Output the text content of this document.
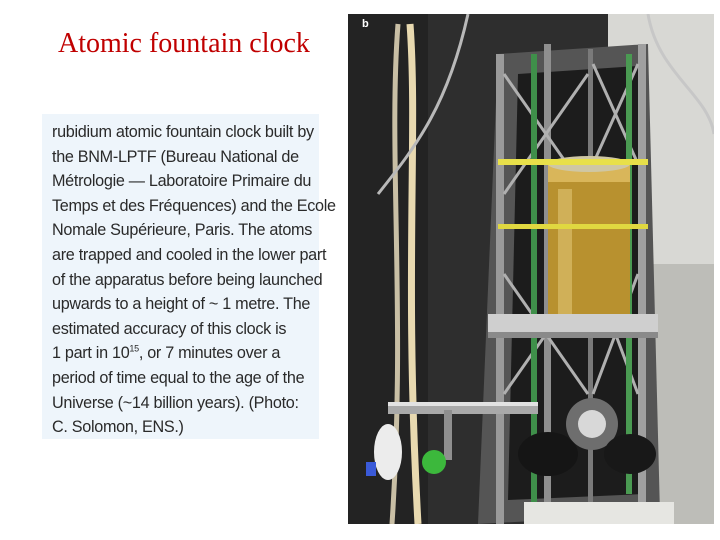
Atomic fountain clock
rubidium atomic fountain clock built by
the BNM-LPTF (Bureau National de
Métrologie — Laboratoire Primaire du
Temps et des Fréquences) and the Ecole
Nomale Supérieure, Paris. The atoms
are trapped and cooled in the lower part
of the apparatus before being launched
upwards to a height of ~ 1 metre. The
estimated accuracy of this clock is
1 part in $10^{15}$, or 7 minutes over a
period of time equal to the age of the
Universe (~14 billion years). (Photo:
C. Solomon, ENS.)
b
